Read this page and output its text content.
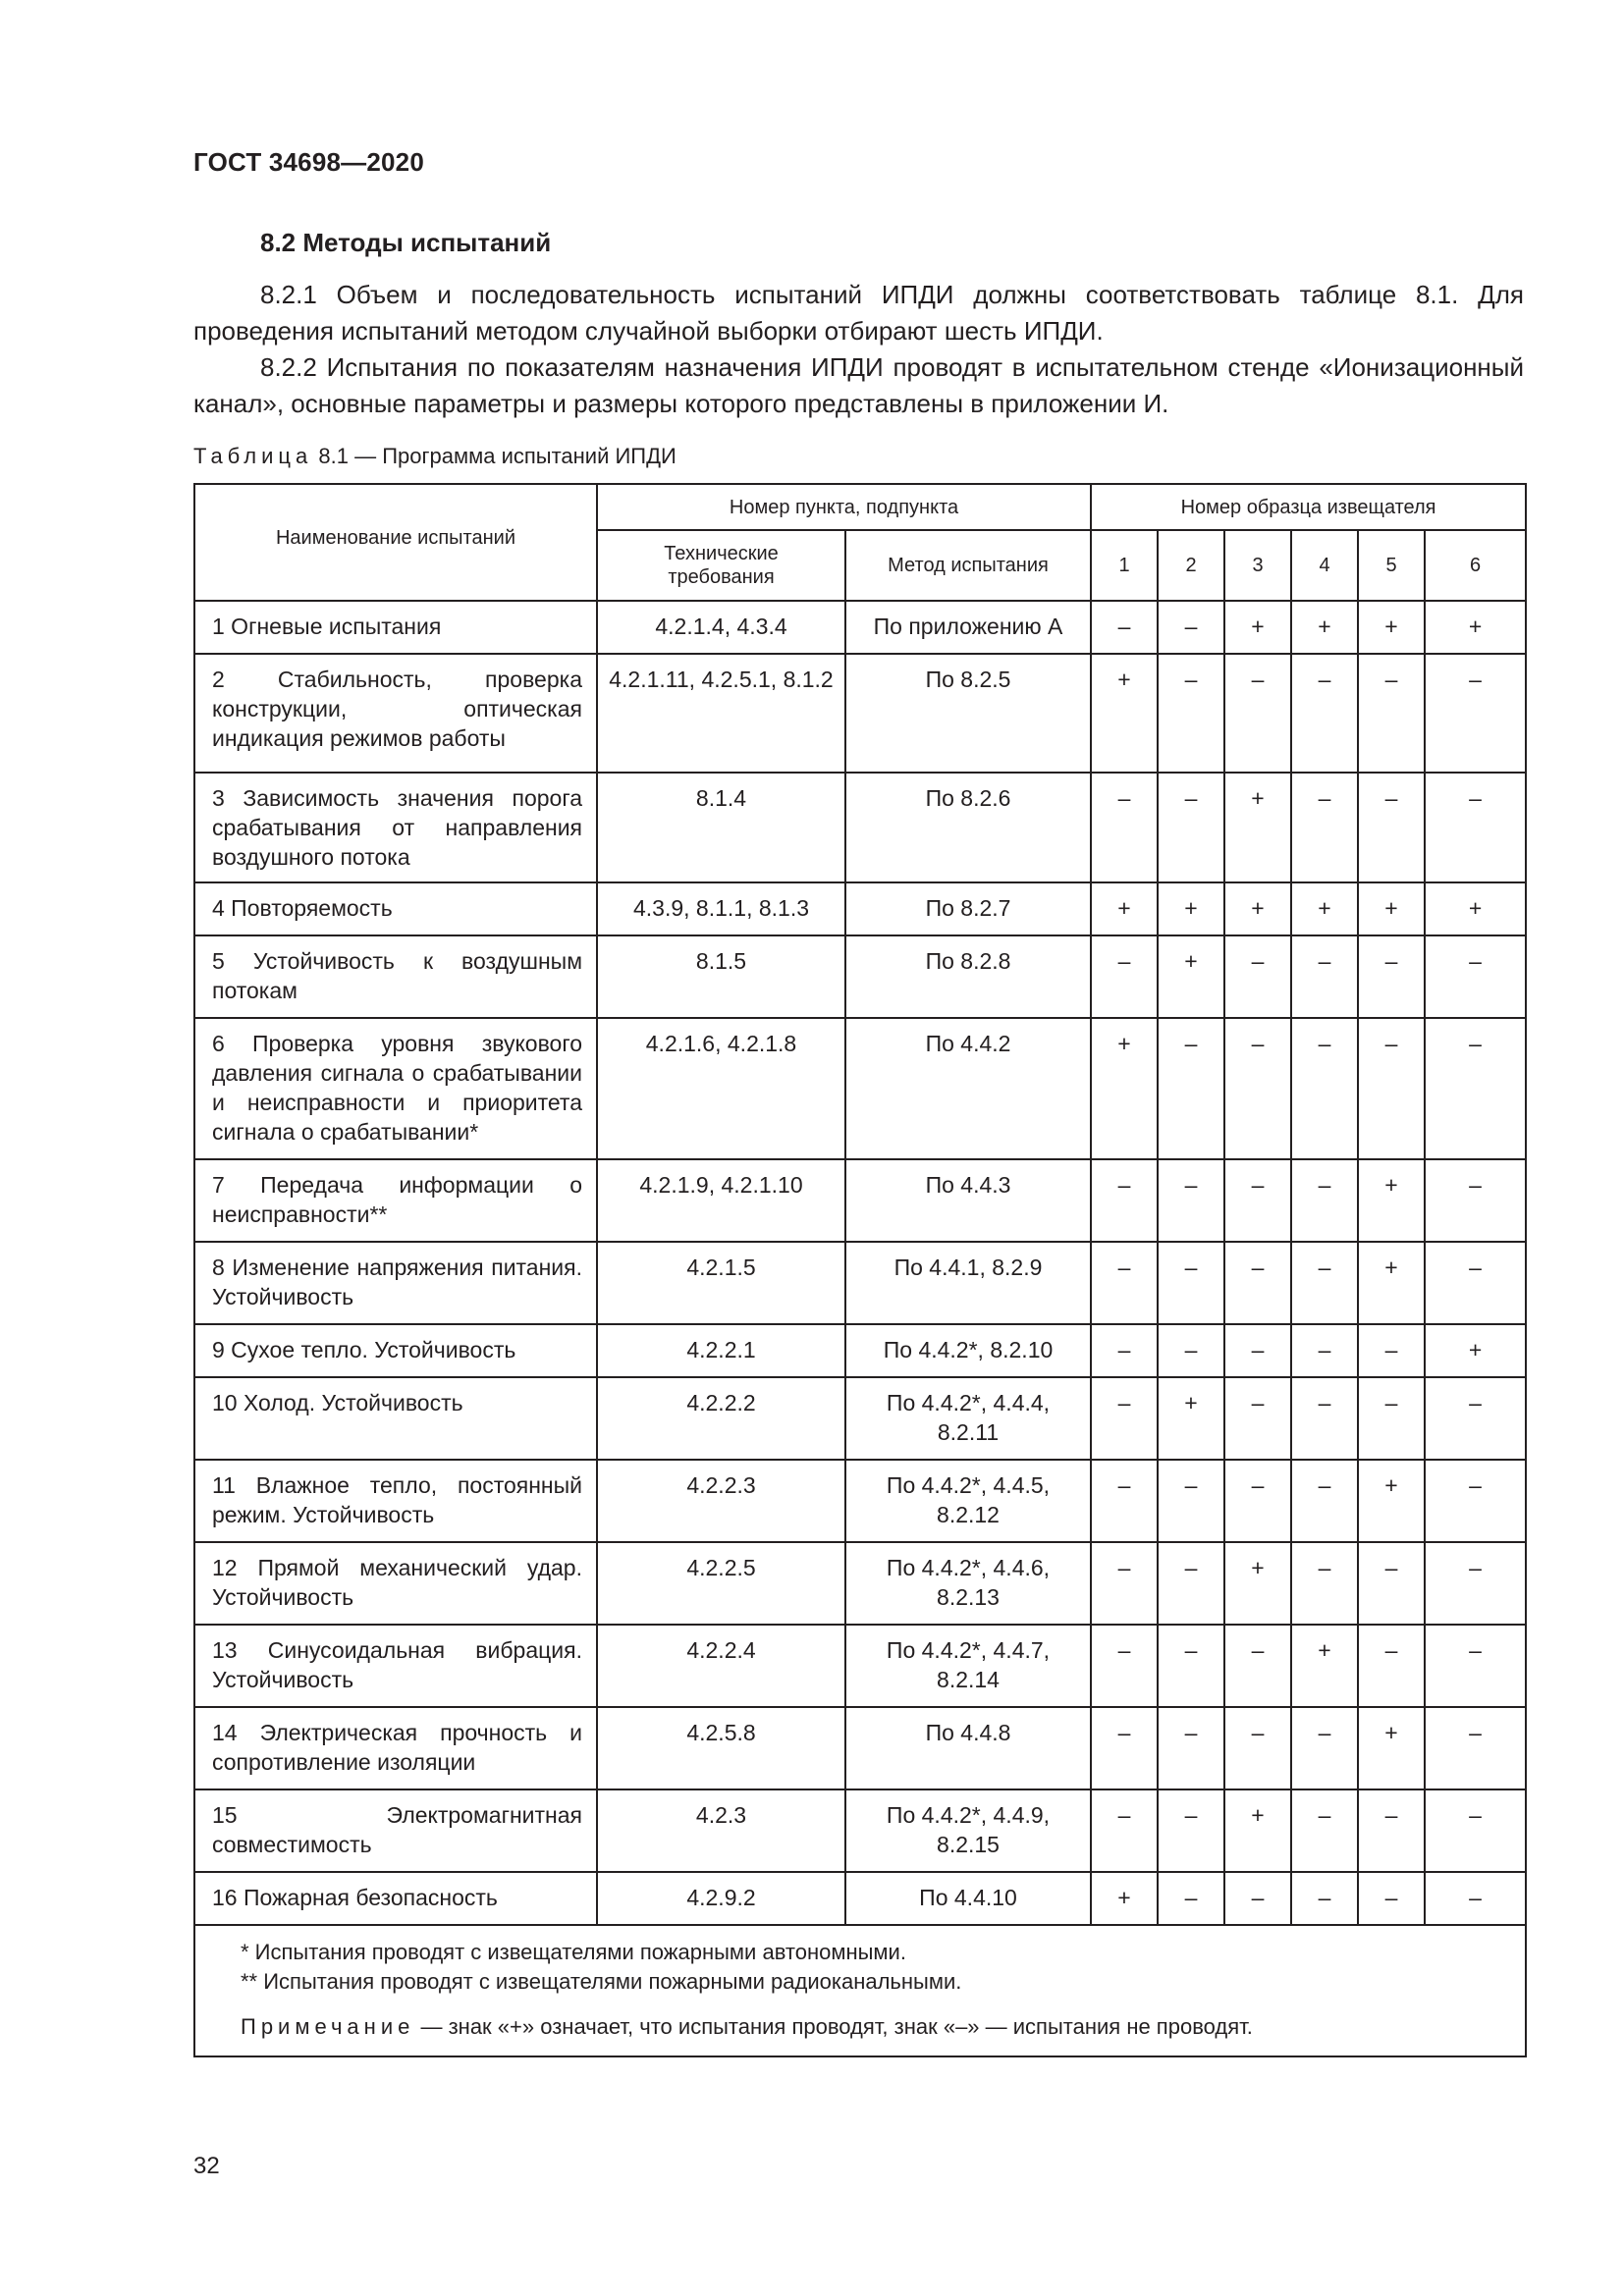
ГОСТ 34698—2020
8.2 Методы испытаний
8.2.1 Объем и последовательность испытаний ИПДИ должны соответствовать таблице 8.1. Для проведения испытаний методом случайной выборки отбирают шесть ИПДИ.
8.2.2 Испытания по показателям назначения ИПДИ проводят в испытательном стенде «Ионизационный канал», основные параметры и размеры которого представлены в приложении И.
Таблица 8.1 — Программа испытаний ИПДИ
Наименование испытаний	Номер пункта, подпункта		Номер образца извещателя					
	Технические требования	Метод испытания	1	2	3	4	5	6
1 Огневые испытания	4.2.1.4, 4.3.4	По приложению А	–	–	+	+	+	+
2 Стабильность, проверка конструкции, оптическая индикация режимов работы	4.2.1.11, 4.2.5.1, 8.1.2	По 8.2.5	+	–	–	–	–	–
3 Зависимость значения порога срабатывания от направления воздушного потока	8.1.4	По 8.2.6	–	–	+	–	–	–
4 Повторяемость	4.3.9, 8.1.1, 8.1.3	По 8.2.7	+	+	+	+	+	+
5 Устойчивость к воздушным потокам	8.1.5	По 8.2.8	–	+	–	–	–	–
6 Проверка уровня звукового давления сигнала о срабатывании и неисправности и приоритета сигнала о срабатывании*	4.2.1.6, 4.2.1.8	По 4.4.2	+	–	–	–	–	–
7 Передача информации о неисправности**	4.2.1.9, 4.2.1.10	По 4.4.3	–	–	–	–	+	–
8 Изменение напряжения питания. Устойчивость	4.2.1.5	По 4.4.1, 8.2.9	–	–	–	–	+	–
9 Сухое тепло. Устойчивость	4.2.2.1	По 4.4.2*, 8.2.10	–	–	–	–	–	+
10 Холод. Устойчивость	4.2.2.2	По 4.4.2*, 4.4.4, 8.2.11	–	+	–	–	–	–
11 Влажное тепло, постоянный режим. Устойчивость	4.2.2.3	По 4.4.2*, 4.4.5, 8.2.12	–	–	–	–	+	–
12 Прямой механический удар. Устойчивость	4.2.2.5	По 4.4.2*, 4.4.6, 8.2.13	–	–	+	–	–	–
13 Синусоидальная вибрация. Устойчивость	4.2.2.4	По 4.4.2*, 4.4.7, 8.2.14	–	–	–	+	–	–
14 Электрическая прочность и сопротивление изоляции	4.2.5.8	По 4.4.8	–	–	–	–	+	–
15 Электромагнитная совместимость	4.2.3	По 4.4.2*, 4.4.9, 8.2.15	–	–	+	–	–	–
16 Пожарная безопасность	4.2.9.2	По 4.4.10	+	–	–	–	–	–

* Испытания проводят с извещателями пожарными автономными.
** Испытания проводят с извещателями пожарными радиоканальными.
Примечание — знак «+» означает, что испытания проводят, знак «–» — испытания не проводят.								
32
